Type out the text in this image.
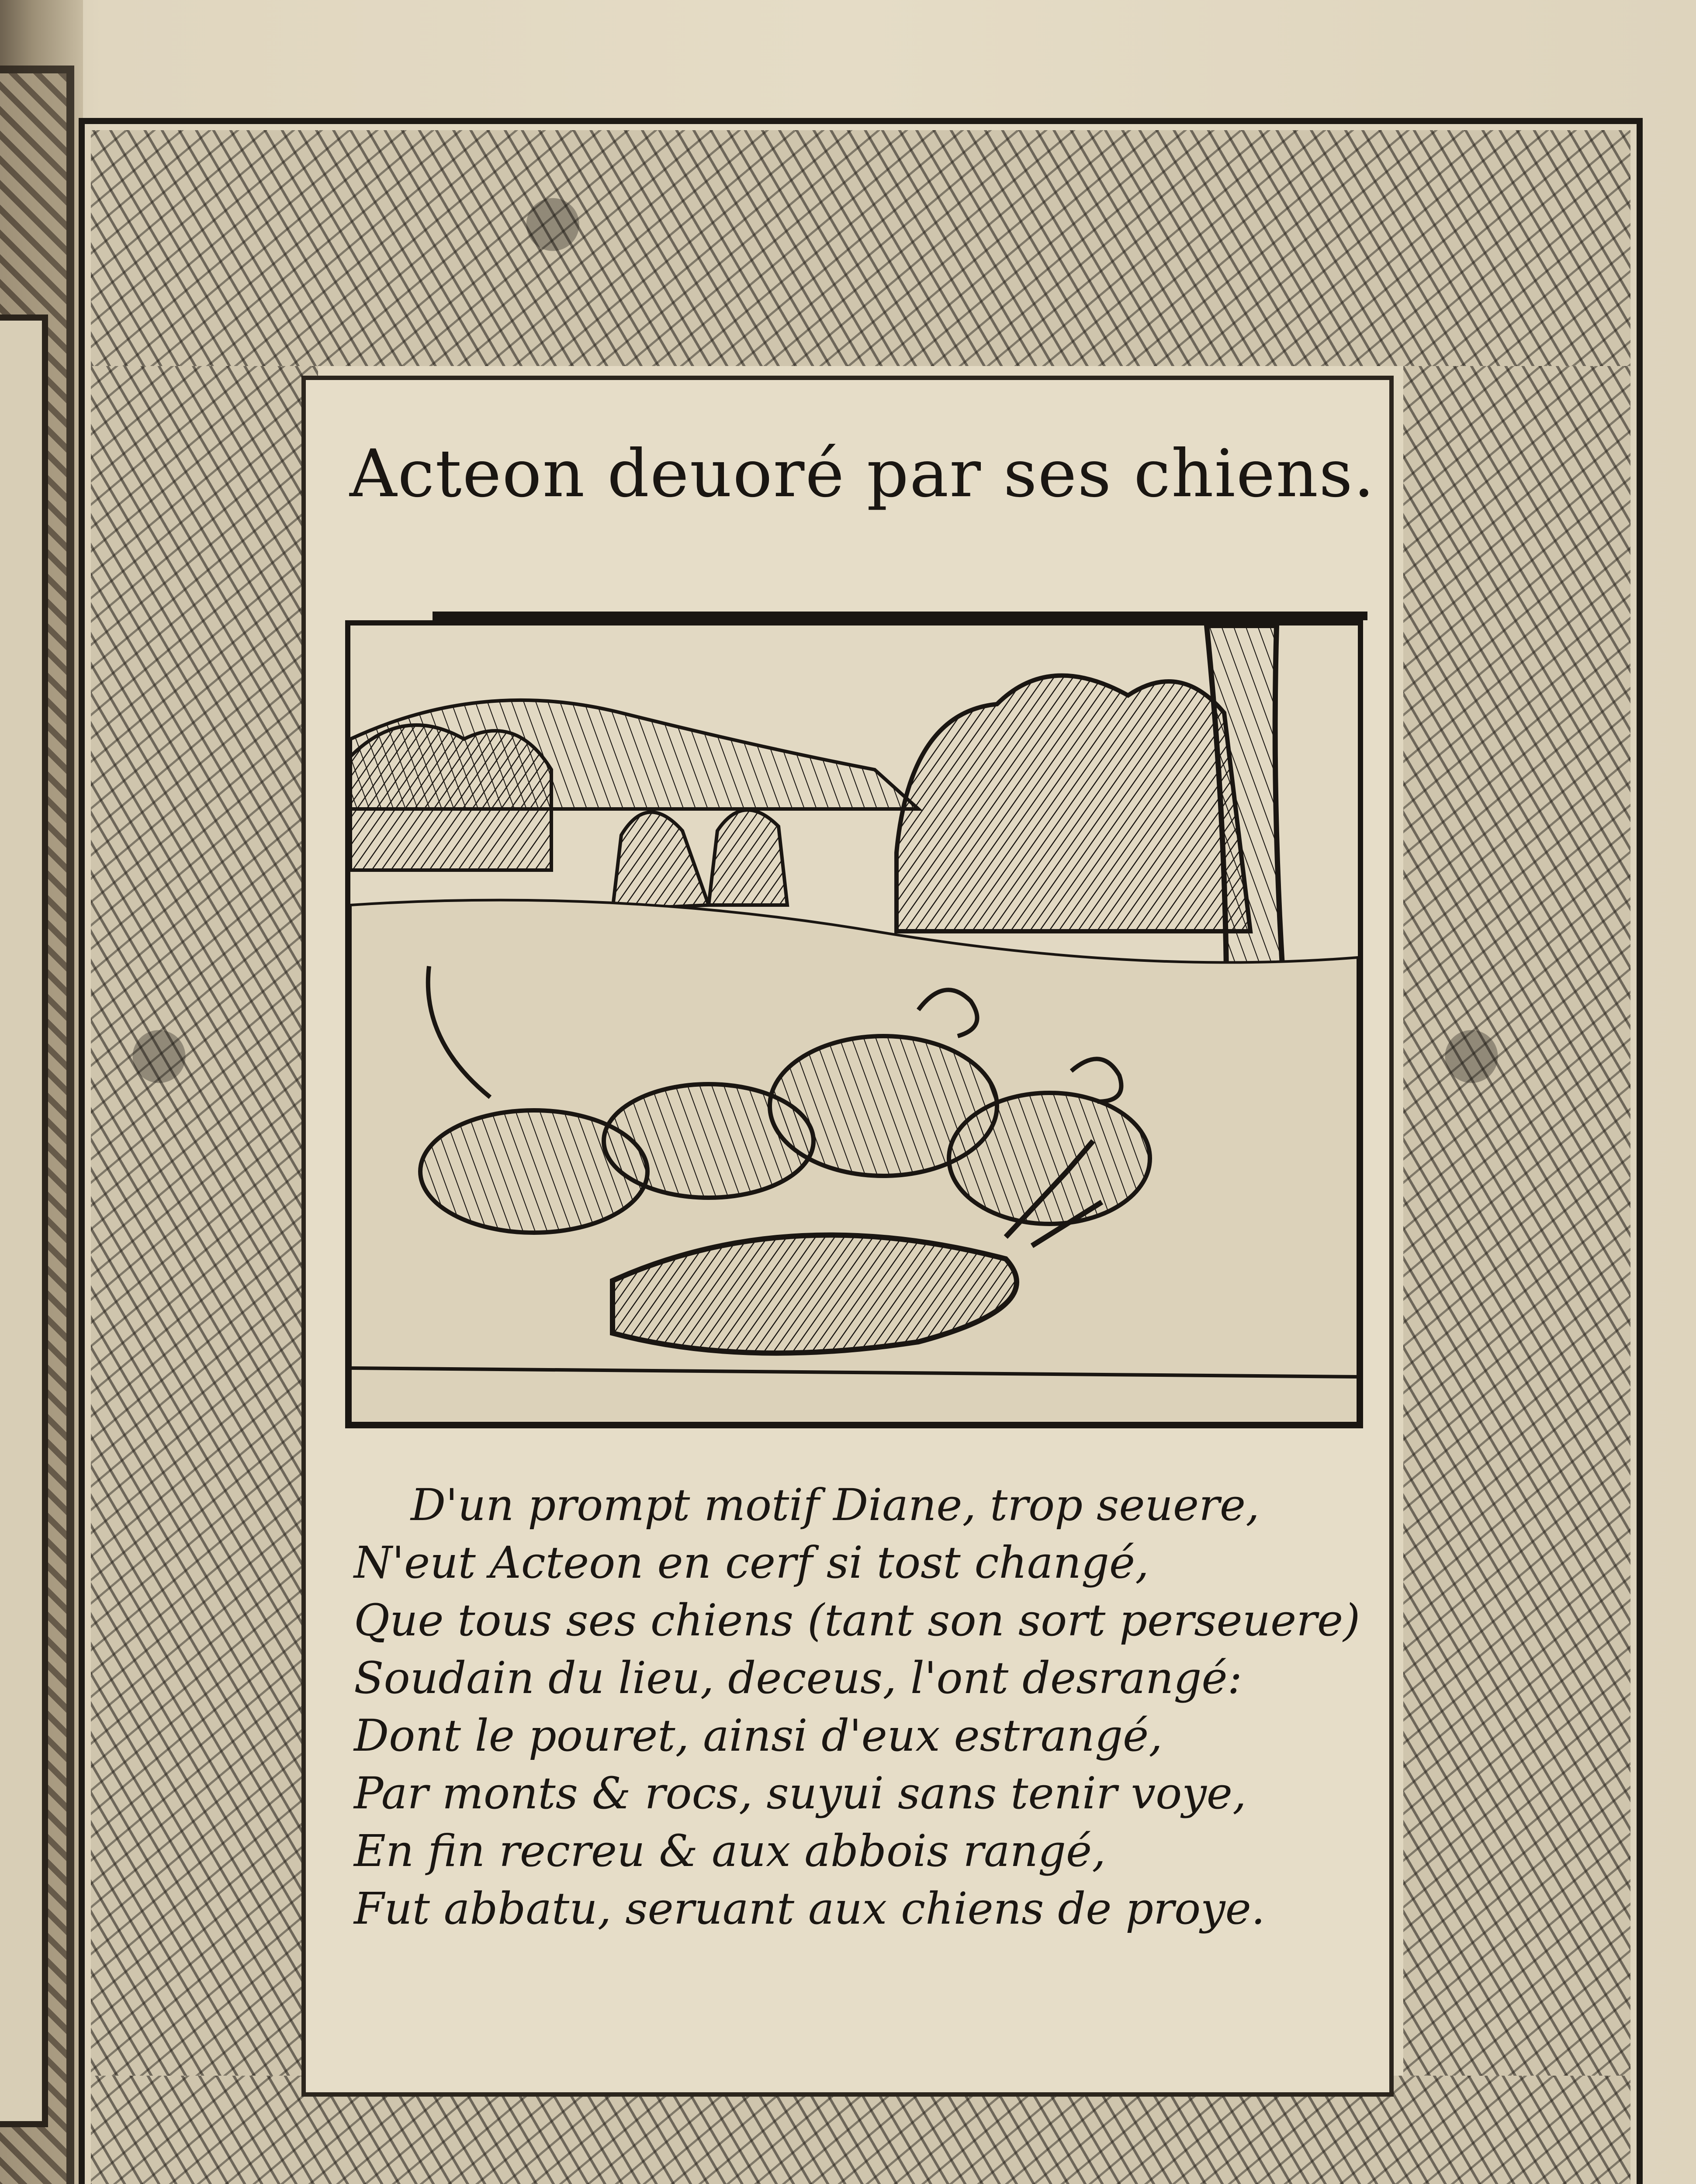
Acteon deuoré par ses chiens.
D'un prompt motif Diane, trop seuere,
N'eut Acteon en cerf si tost changé,
Que tous ses chiens (tant son sort perseuere)
Soudain du lieu, deceus, l'ont desrangé:
Dont le pouret, ainsi d'eux estrangé,
Par monts & rocs, suyui sans tenir voye,
En fin recreu & aux abbois rangé,
Fut abbatu, seruant aux chiens de proye.
